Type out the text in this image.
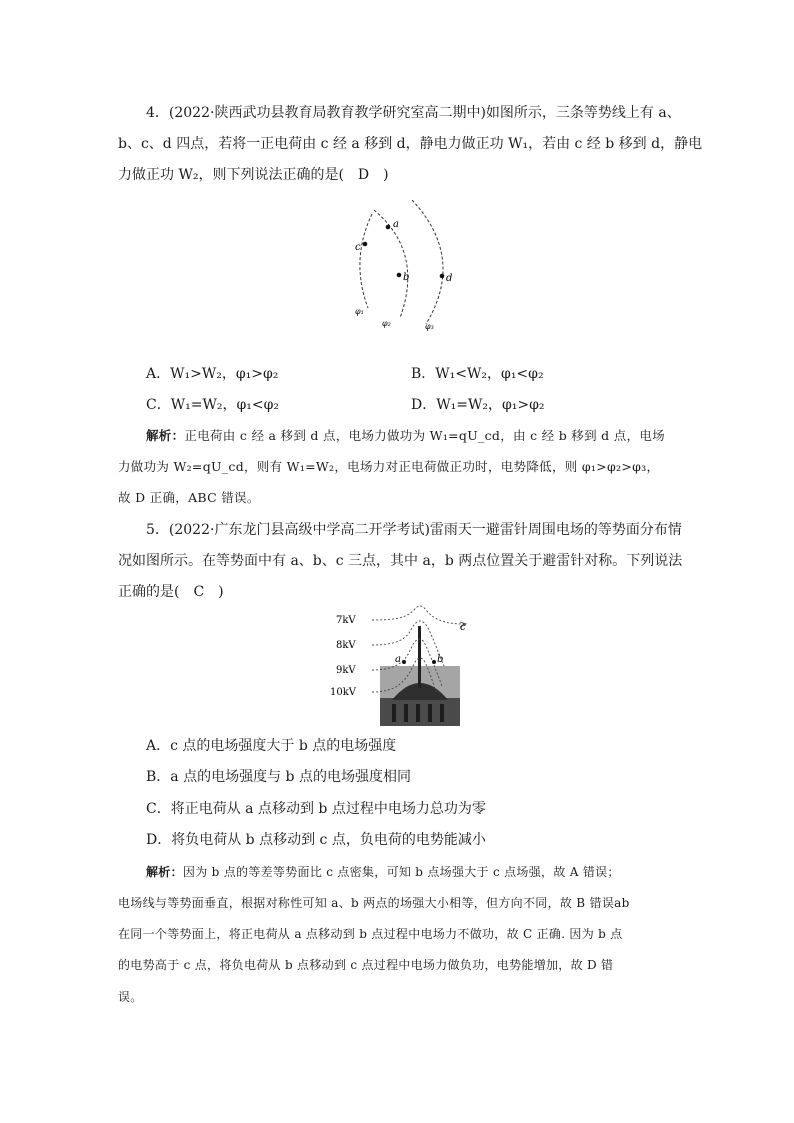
4．(2022·陕西武功县教育局教育教学研究室高二期中)如图所示，三条等势线上有 a、
b、c、d 四点，若将一正电荷由 c 经 a 移到 d，静电力做正功 W₁，若由 c 经 b 移到 d，静电
力做正功 W₂，则下列说法正确的是(　D　)
a
c
b	d
φ₁
φ₂	φ₃
A．W₁>W₂，φ₁>φ₂	B．W₁<W₂，φ₁<φ₂
C．W₁=W₂，φ₁<φ₂	D．W₁=W₂，φ₁>φ₂
解析：正电荷由 c 经 a 移到 d 点，电场力做功为 W₁=qU_cd，由 c 经 b 移到 d 点，电场
力做功为 W₂=qU_cd，则有 W₁=W₂，电场力对正电荷做正功时，电势降低，则 φ₁>φ₂>φ₃，
故 D 正确，ABC 错误。
5．(2022·广东龙门县高级中学高二开学考试)雷雨天一避雷针周围电场的等势面分布情
况如图所示。在等势面中有 a、b、c 三点，其中 a，b 两点位置关于避雷针对称。下列说法
正确的是(　C　)
7kV
8kV
9kV
10kV
a	b
c
A．c 点的电场强度大于 b 点的电场强度
B．a 点的电场强度与 b 点的电场强度相同
C．将正电荷从 a 点移动到 b 点过程中电场力总功为零
D．将负电荷从 b 点移动到 c 点，负电荷的电势能减小
解析：因为 b 点的等差等势面比 c 点密集，可知 b 点场强大于 c 点场强，故 A 错误；
电场线与等势面垂直，根据对称性可知 a、b 两点的场强大小相等，但方向不同，故 B 错误ab
在同一个等势面上，将正电荷从 a 点移动到 b 点过程中电场力不做功，故 C 正确. 因为 b 点
的电势高于 c 点，将负电荷从 b 点移动到 c 点过程中电场力做负功，电势能增加，故 D 错
误。
